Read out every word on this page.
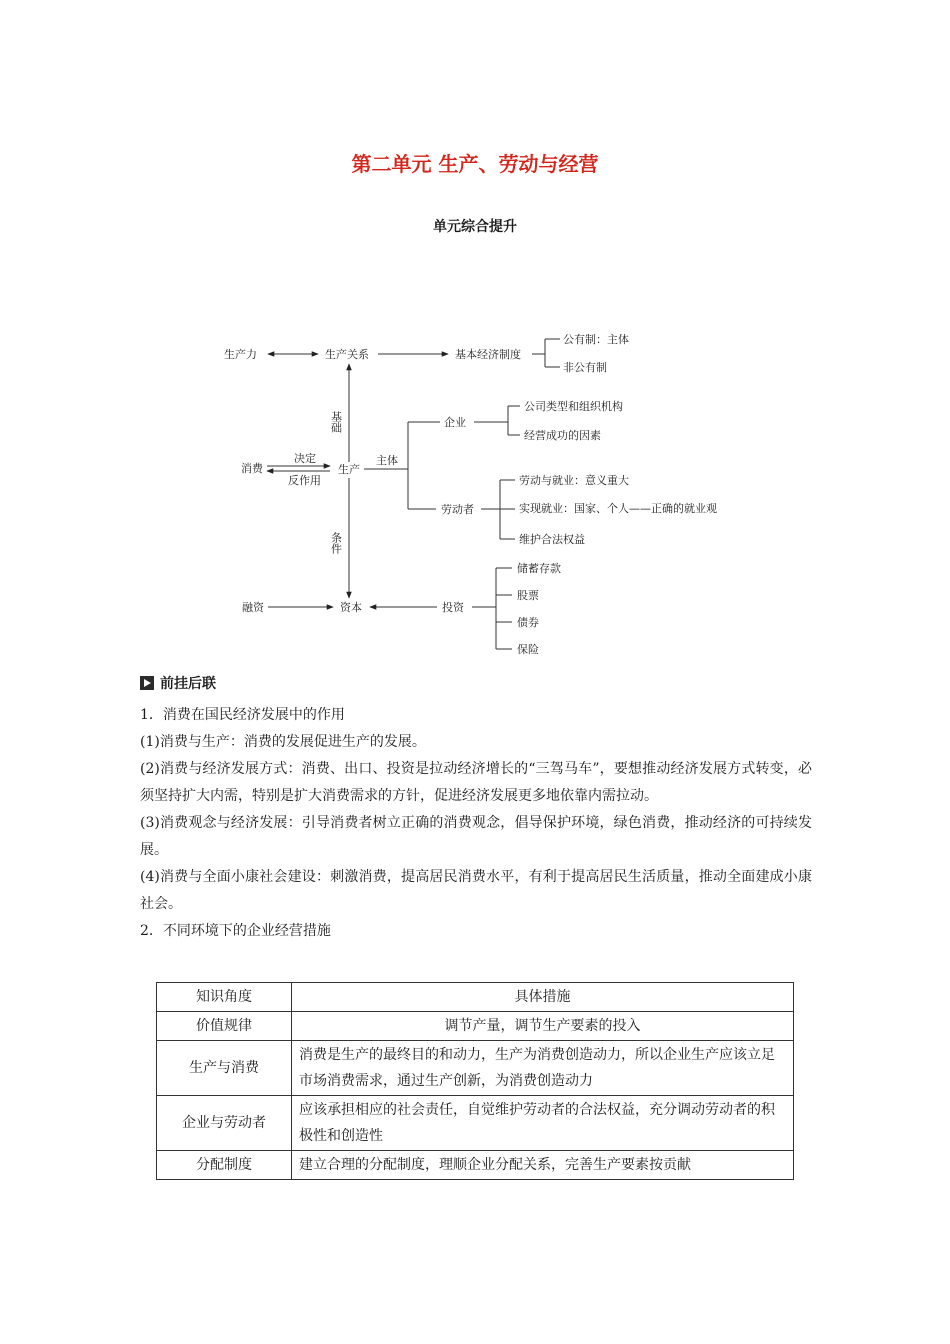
第二单元 生产、劳动与经营
单元综合提升
生产力	生产关系	基本经济制度
公有制：主体
非公有制
基础
消费
决定
反作用
生产
主体
企业
公司类型和组织机构
经营成功的因素
劳动者
劳动与就业：意义重大
实现就业：国家、个人——正确的就业观
维护合法权益
条件
融资	资本	投资
储蓄存款
股票
债券
保险
前挂后联

1．消费在国民经济发展中的作用

(1)消费与生产：消费的发展促进生产的发展。

(2)消费与经济发展方式：消费、出口、投资是拉动经济增长的“三驾马车”，要想推动经济发展方式转变，必须坚持扩大内需，特别是扩大消费需求的方针，促进经济发展更多地依靠内需拉动。

(3)消费观念与经济发展：引导消费者树立正确的消费观念，倡导保护环境，绿色消费，推动经济的可持续发展。

(4)消费与全面小康社会建设：刺激消费，提高居民消费水平，有利于提高居民生活质量，推动全面建成小康社会。

2．不同环境下的企业经营措施

知识角度	具体措施
价值规律	调节产量，调节生产要素的投入
生产与消费	消费是生产的最终目的和动力，生产为消费创造动力，所以企业生产应该立足市场消费需求，通过生产创新，为消费创造动力
企业与劳动者	应该承担相应的社会责任，自觉维护劳动者的合法权益，充分调动劳动者的积极性和创造性
分配制度	建立合理的分配制度，理顺企业分配关系，完善生产要素按贡献
